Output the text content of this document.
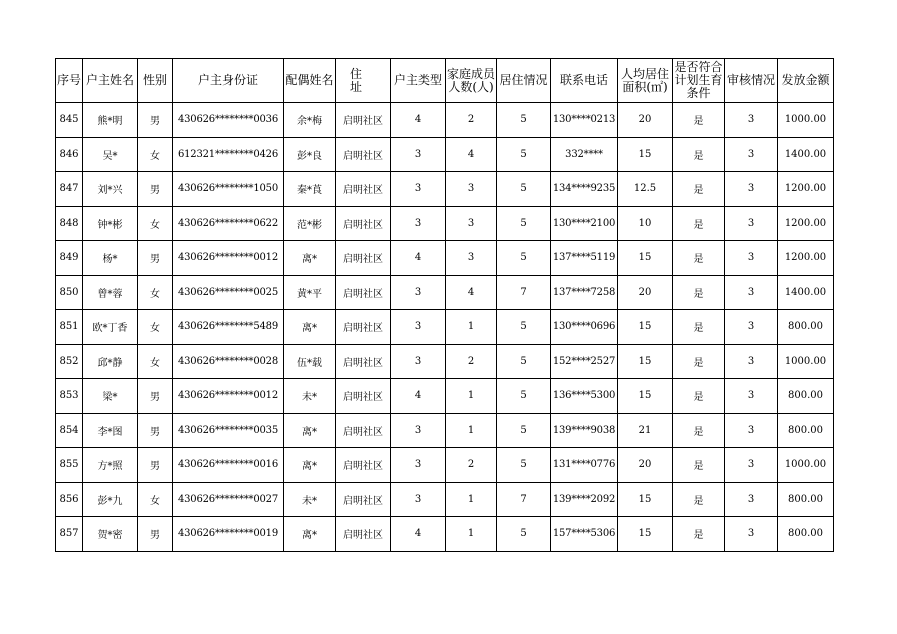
序号	户主姓名	性别	户主身份证	配偶姓名	住 址	户主类型	家庭成员人数(人)	居住情况	联系电话	人均居住面积(㎡)	是否符合计划生育条件	审核情况	发放金额
845	熊*明	男	430626********0036	余*梅	启明社区	4	2	5	130****0213	20	是	3	1000.00
846	吴*	女	612321********0426	彭*良	启明社区	3	4	5	332****	15	是	3	1400.00
847	刘*兴	男	430626********1050	秦*莨	启明社区	3	3	5	134****9235	12.5	是	3	1200.00
848	钟*彬	女	430626********0622	范*彬	启明社区	3	3	5	130****2100	10	是	3	1200.00
849	杨*	男	430626********0012	离*	启明社区	4	3	5	137****5119	15	是	3	1200.00
850	曾*蓉	女	430626********0025	黄*平	启明社区	3	4	7	137****7258	20	是	3	1400.00
851	欧*丁香	女	430626********5489	离*	启明社区	3	1	5	130****0696	15	是	3	800.00
852	邱*静	女	430626********0028	伍*载	启明社区	3	2	5	152****2527	15	是	3	1000.00
853	梁*	男	430626********0012	未*	启明社区	4	1	5	136****5300	15	是	3	800.00
854	李*图	男	430626********0035	离*	启明社区	3	1	5	139****9038	21	是	3	800.00
855	方*照	男	430626********0016	离*	启明社区	3	2	5	131****0776	20	是	3	1000.00
856	彭*九	女	430626********0027	未*	启明社区	3	1	7	139****2092	15	是	3	800.00
857	贺*密	男	430626********0019	离*	启明社区	4	1	5	157****5306	15	是	3	800.00
